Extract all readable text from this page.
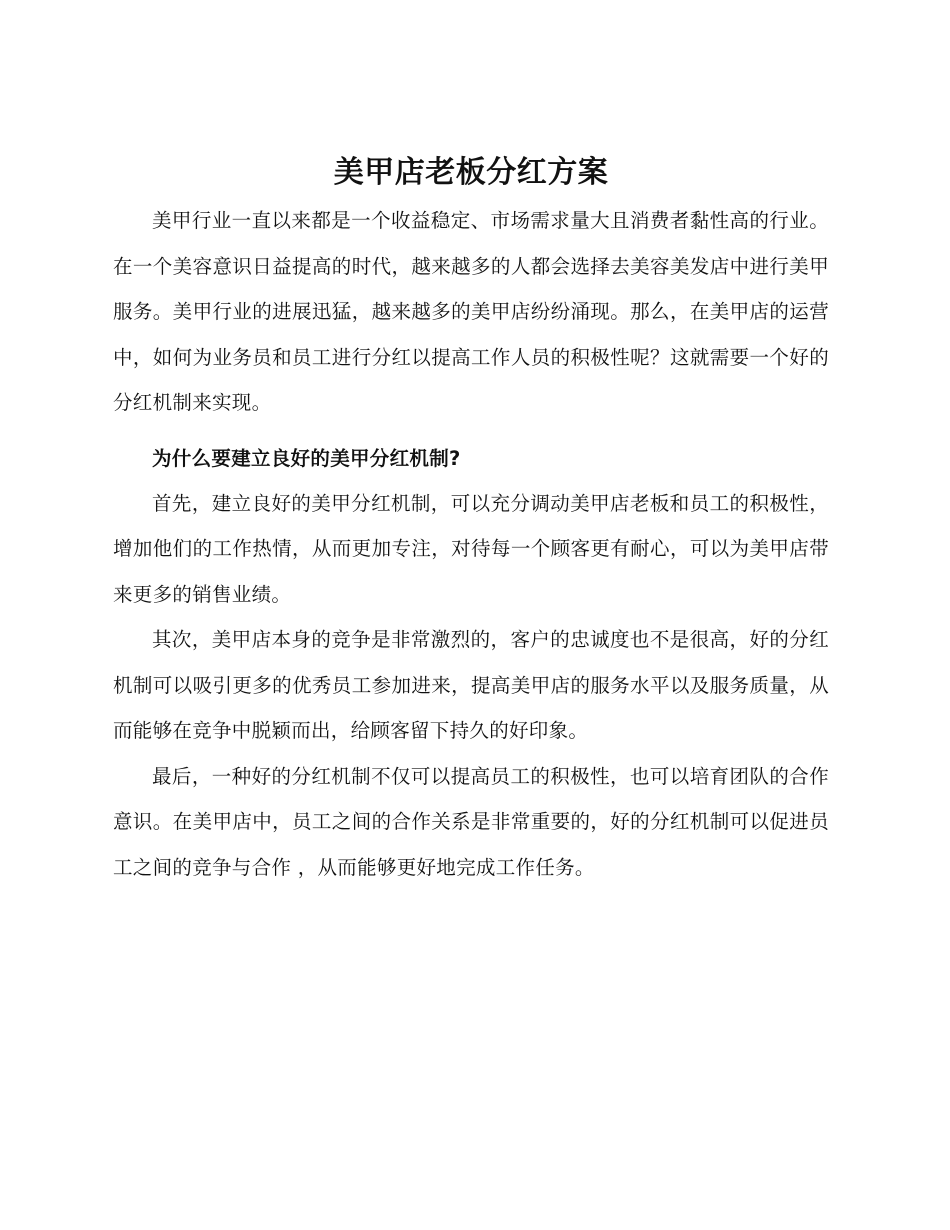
美甲店老板分红方案

美甲行业一直以来都是一个收益稳定、市场需求量大且消费者黏性高的行业。在一个美容意识日益提高的时代，越来越多的人都会选择去美容美发店中进行美甲服务。美甲行业的进展迅猛，越来越多的美甲店纷纷涌现。那么，在美甲店的运营中，如何为业务员和员工进行分红以提高工作人员的积极性呢？这就需要一个好的分红机制来实现。

为什么要建立良好的美甲分红机制?

首先，建立良好的美甲分红机制，可以充分调动美甲店老板和员工的积极性，增加他们的工作热情，从而更加专注，对待每一个顾客更有耐心，可以为美甲店带来更多的销售业绩。

其次，美甲店本身的竞争是非常激烈的，客户的忠诚度也不是很高，好的分红机制可以吸引更多的优秀员工参加进来，提高美甲店的服务水平以及服务质量，从而能够在竞争中脱颖而出，给顾客留下持久的好印象。

最后，一种好的分红机制不仅可以提高员工的积极性，也可以培育团队的合作意识。在美甲店中，员工之间的合作关系是非常重要的，好的分红机制可以促进员工之间的竞争与合作 ，从而能够更好地完成工作任务。
